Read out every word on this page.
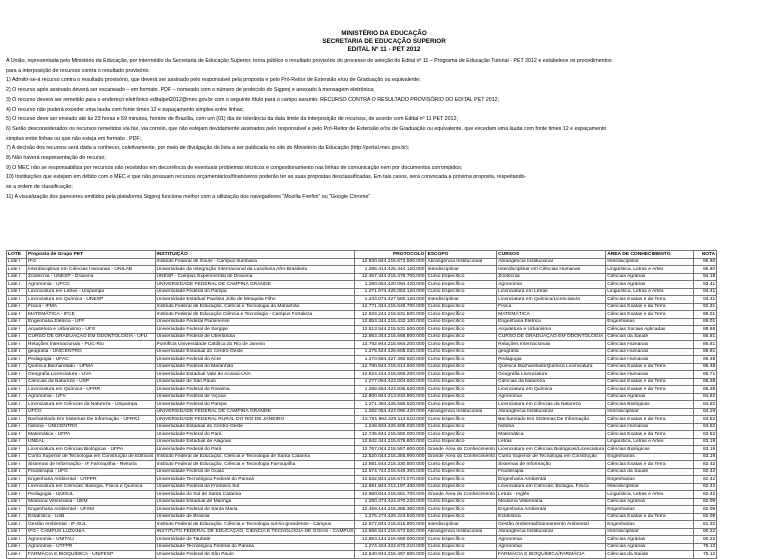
MINISTÉRIO DA EDUCAÇÃO
SECRETARIA DE EDUCAÇÃO SUPERIOR
EDITAL Nº 11 - PET 2012
A União, representada pelo Ministério da Educação, por intermédio da Secretaria de Educação Superior, torna público o resultado provisório do processo de seleção do Edital nº 11 – Programa de Educação Tutorial - PET 2012 e estabelece os procedimentos
para a interposição de recursos contra o resultado provisório.
1) Admitir-se-á recurso contra o resultado provisório, que deverá ser assinado pelo responsável pela proposta e pelo Pró-Reitor de Extensão e/ou de Graduação ou equivalente;
2) O recurso após assinado deverá ser escaneado – em formato .PDF – nomeado com o número de protocolo do Sigproj e anexado à mensagem eletrônica;
3) O recurso deverá ser remetido para o endereço eletrônico editalpet2012@mec.gov.br com o seguinte título para o campo assunto: RECURSO CONTRA O RESULTADO PROVISÓRIO DO EDITAL PET 2012;
4) O recurso não poderá exceder uma lauda com fonte times 12 e espaçamento simples entre linhas;
5) O recurso deve ser enviado até às 23 horas e 59 minutos, horário de Brasília, com um (01) dia de tolerância da data limite da interposição de recursos, de acordo com Edital nº 11 PET 2012;
6) Serão desconsiderados os recursos remetidos via fax, via correio, que não estejam devidamente assinados pelo responsável e pelo Pró-Reitor de Extensão e/ou de Graduação ou equivalente, que excedam uma lauda com fonte times 12 e espaçamento
simples entre linhas ou que não esteja em formato . PDF;
7) A decisão dos recursos será dada a conhecer, coletivamente, por meio de divulgação de lista a ser publicada no site do Ministério da Educação (http://portal.mec.gov.br);
8) Não haverá reapresentação de recurso;
9) O MEC não se responsabiliza por recursos não recebidos em decorrência de eventuais problemas técnicos e congestionamento nas linhas de comunicação nem por documentos corrompidos;
10) Instituições que estejam em débito com o MEC e que não possuam recursos orçamentários/financeiros poderão ter as suas propostas desclassificadas. Em tais casos, será convocada a próxima proposta, respeitando-
se a ordem de classificação;
11) A visualização dos pareceres emitidos pela plataforma Sigproj funciona melhor com a utilização dos navegadores "Mozilla Firefox" ou "Google Chrome"
LOTE	Proposta de Grupo PET	INSTITUIÇÃO	PROTOCOLO	ESCOPO	CURSOS	ÁREA DE CONHECIMENTO	NOTA
Lote I	IFG	Instituto Federal de Goiás - Campus Itumbiara	12.830.844.215.672.500.000	Abrangência Institucional	Abrangência Institucional	Interdisciplinar	95.60
Lote I	Interdisciplinar em Ciências Humanas - UNILAB	Universidade da Integração Internacional da Lusofonia Afro-Brasileira	1.286.414.425.444.120.000	Interdisciplinar	Interdisciplinar em Ciências Humanas	Linguística, Letras e Artes	95.60
Lote I	Zootecnia - UNESP - Dracena	UNESP - Campus Experimental de Dracena	12.457.344.215.476.700.000	Curso Específico	Zootecnia	Ciências Agrárias	94.18
Lote I	Agronomia - UFCG	UNIVERSIDADE FEDERAL DE CAMPINA GRANDE	1.280.054.420.094.420.000	Curso Específico	Agronomia	Ciências Agrárias	93.41
Lote I	Licenciatura em Letras - Unipampa	Universidade Federal do Pampa	1.271.674.425.063.120.000	Curso Específico	Licenciatura em Letras	Linguística, Letras e Artes	93.41
Lote I	Licenciatura em Química - UNESP	Universidade Estadual Paulista Júlio de Mesquita Filho	1.243.074.427.580.120.000	Interdisciplinar	Licenciatura em Química/Licenciatura	Ciências Exatas e da Terra	93.41
Lote I	Física - IFMA	Instituto Federal de Educação, Ciência e Tecnologia do Maranhão	12.771.344.215.549.700.000	Curso Específico	Física	Ciências Exatas e da Terra	92.31
Lote I	MATEMÁTICA - IFCE	Instituto Federal de Educação Ciência e Tecnologia - Campus Fortaleza	12.833.244.215.531.500.000	Curso Específico	MATEMÁTICA	Ciências Exatas e da Terra	89.01
Lote I	Engenharia Elétrica - UFF	Universidade Federal Fluminense	12.853.344.215.432.100.000	Curso Específico	Engenharia Elétrica	Engenharias	89.01
Lote I	Arquitetura e Urbanismo - UFS	Universidade Federal de Sergipe	12.513.544.215.531.500.000	Curso Específico	Arquitetura e Urbanismo	Ciências Sociais Aplicadas	88.68
Lote I	CURSO DE GRADUAÇÃO EM ODONTOLOGIA - UFU	Universidade Federal de Uberlândia	12.863.344.215.688.800.000	Curso Específico	CURSO DE GRADUAÇÃO EM ODONTOLOGIA	Ciências da Saúde	86.81
Lote I	Relações Internacionais - PUC-Rio	Pontifícia Universidade Católica do Rio de Janeiro	12.792.944.215.664.200.000	Curso Específico	Relações Internacionais	Ciências Humanas	86.81
Lote I	geografia - UNICENTRO	Universidade Estadual do Centro-Oeste	1.275.524.426.605.020.000	Curso Específico	geografia	Ciências Humanas	86.81
Lote I	Pedagogia - UFAC	Universidade Federal do Acre	1.270.564.427.492.920.000	Curso Específico	Pedagogia	Ciências Humanas	86.48
Lote I	Química Bacharelado - UFMA	Universidade Federal do Maranhão	12.780.544.215.614.600.000	Curso Específico	Química Bacharelado/Química Licenciatura	Ciências Exatas e da Terra	86.48
Lote I	Geografia Licenciatura - UVA	Universidade Estadual Vale do Acaraú-UVA	12.824.244.215.659.200.000	Curso Específico	Geografia Licenciatura	Ciências Humanas	85.71
Lote I	Ciências da Natureza - USP	Universidade de São Paulo	1.277.054.423.004.920.000	Curso Específico	Ciências da Natureza	Ciências Exatas e da Terra	85.38
Lote I	Licenciatura em Química - UFRR	Universidade Federal de Roraima	1.268.554.423.836.620.000	Curso Específico	Licenciatura em Química	Ciências Exatas e da Terra	85.38
Lote I	Agronomia - UFV	Universidade Federal de Viçosa	12.800.844.213.834.900.000	Curso Específico	Agronomia	Ciências Agrárias	84.62
Lote I	Licenciatura em Ciências da Natureza - Unipampa	Universidade Federal do Pampa	1.271.394.425.669.520.000	Curso Específico	Licenciatura em Ciências da Natureza	Ciências Biológicas	84.62
Lote I	UFCG	UNIVERSIDADE FEDERAL DE CAMPINA GRANDE	1.282.054.423.090.420.000	Abrangência Institucional	Abrangência Institucional	Interdisciplinar	84.29
Lote I	Bacharelado Em Sistemas De Informação - UFRRJ	UNIVERSIDADE FEDERAL RURAL DO RIO DE JANEIRO	12.761.864.425.112.610.000	Curso Específico	Bacharelado Em Sistemas De Informação	Ciências Exatas e da Terra	83.52
Lote I	história - UNICENTRO	Universidade Estadual do Centro-Oeste	1.248.934.426.605.020.000	Curso Específico	história	Ciências Humanas	83.52
Lote I	Matemática - UFPA	Universidade Federal do Pará	12.745.644.215.650.000.000	Curso Específico	Matemática	Ciências Exatas e da Terra	83.52
Lote I	UNEAL	Universidade Estadual de Alagoas	12.842.444.215.676.800.000	Curso Específico	Letras	Linguística, Letras e Artes	83.19
Lote I	Licenciatura em Ciências Biológicas - UFPA	Universidade Federal do Pará	12.767.044.215.557.800.000	Grande Área do Conhecimento	Licenciatura em Ciências Biológicas/Licenciatura	Ciências Biológicas	83.19
Lote I	Curso Superior de Tecnologia em Construção de Edifícios	Instituto Federal de Educação, Ciência e Tecnologia de Santa Catarina	12.520.044.215.355.900.000	Grande Área do Conhecimento	Curso Superior de Tecnologia em Construção	Engenharias	83.19
Lote I	Sistemas de Informação - IF Farroupilha - Reitoria	Instituto Federal de Educação, Ciência e Tecnologia Farroupilha	12.681.544.215.330.800.000	Curso Específico	Sistemas de Informação	Ciências Exatas e da Terra	82.42
Lote I	Fisioterapia - UFG	Universidade Federal de Goiás	12.574.744.215.549.300.000	Curso Específico	Fisioterapia	Ciências da Saúde	82.42
Lote I	Engenharia Ambiental - UTFPR	Universidade Tecnológica Federal do Paraná	12.632.844.215.674.070.000	Curso Específico	Engenharia Ambiental	Engenharias	82.42
Lote I	Licenciatura em Ciências: Biologia, Física e Química	Universidade Federal da Fronteira Sul	12.681.944.212.197.400.000	Curso Específico	Licenciatura em Ciências: Biologia, Física	Interdisciplinar	82.42
Lote I	Pedagogia - UNISUL	Universidade do Sul de Santa Catarina	12.860.044.215.681.700.000	Grande Área do Conhecimento	Letras - Inglês	Linguística, Letras e Artes	82.42
Lote I	Medicina Veterinária - UEM	Universidade Estadual de Maringá	1.280.374.424.670.220.000	Curso Específico	Medicina Veterinária	Ciências Agrárias	82.09
Lote I	Engenharia Ambiental - UFSM	Universidade Federal de Santa Maria	12.459.144.215.386.300.000	Curso Específico	Engenharia Ambiental	Engenharias	82.09
Lote I	Estatística - UnB	Universidade de Brasília	1.275.274.428.224.520.000	Curso Específico	Estatística	Ciências Exatas e da Terra	82.09
Lote I	Gestão Ambiental - IF-SUL	Instituto Federal de Educação, Ciência e Tecnologia sul-rio-grandense - Campus	12.677.844.215.615.800.000	Interdisciplinar	Gestão Ambiental/Saneamento Ambiental	Engenharias	81.32
Lote I	IFG - CAMPUS LUZIANIA	INSTITUTO FEDERAL DE EDUCAÇÃO, CIENCIA E TECNOLOGIA DE GOIAS - CAMPUS	12.866.544.215.672.500.000	Abrangência Institucional	Abrangência Institucional	Interdisciplinar	80.22
Lote I	Agronomia - UNITAU	Universidade de Taubaté	12.863.144.215.660.000.000	Curso Específico	Agronomia	Ciências Agrárias	80.22
Lote I	Agronomia - UTFPR	Universidade Tecnológica Federal do Paraná	1.274.424.422.670.210.000	Curso Específico	Agronomia	Ciências Agrárias	79.12
Lote I	FARMÁCIA E BIOQUÍMICA - UNIFESP	Universidade Federal de São Paulo	12.840.944.215.497.800.000	Curso Específico	FARMÁCIA E BIOQUÍMICA/FARMÁCIA	Ciências da Saúde	79.12
